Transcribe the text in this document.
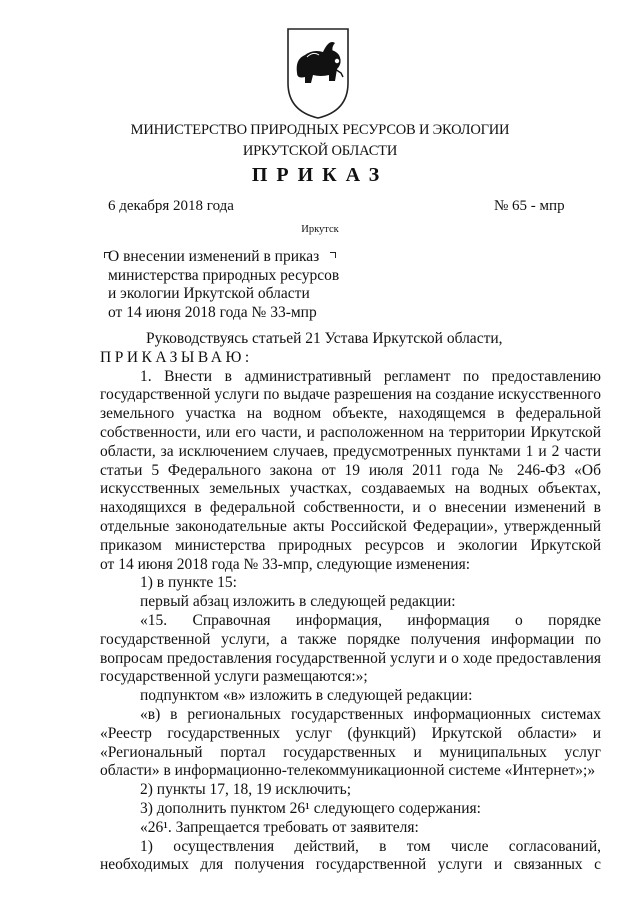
МИНИСТЕРСТВО ПРИРОДНЫХ РЕСУРСОВ И ЭКОЛОГИИ
ИРКУТСКОЙ ОБЛАСТИ
ПРИКАЗ
6 декабря 2018 года	№ 65 - мпр
Иркутск
О внесении изменений в приказ
министерства природных ресурсов
и экологии Иркутской области
от 14 июня 2018 года № 33-мпр
Руководствуясь статьей 21 Устава Иркутской области,
ПРИКАЗЫВАЮ:
1. Внести в административный регламент по предоставлению
государственной услуги по выдаче разрешения на создание искусственного
земельного участка на водном объекте, находящемся в федеральной
собственности, или его части, и расположенном на территории Иркутской
области, за исключением случаев, предусмотренных пунктами 1 и 2 части
статьи 5 Федерального закона от 19 июля 2011 года № 246-ФЗ «Об
искусственных земельных участках, создаваемых на водных объектах,
находящихся в федеральной собственности, и о внесении изменений в
отдельные законодательные акты Российской Федерации», утвержденный
приказом министерства природных ресурсов и экологии Иркутской
от 14 июня 2018 года № 33-мпр, следующие изменения:
1) в пункте 15:
первый абзац изложить в следующей редакции:
«15. Справочная информация, информация о порядке
государственной услуги, а также порядке получения информации по
вопросам предоставления государственной услуги и о ходе предоставления
государственной услуги размещаются:»;
подпунктом «в» изложить в следующей редакции:
«в) в региональных государственных информационных системах
«Реестр государственных услуг (функций) Иркутской области» и
«Региональный портал государственных и муниципальных услуг
области» в информационно-телекоммуникационной системе «Интернет»;»
2) пункты 17, 18, 19 исключить;
3) дополнить пунктом 26¹ следующего содержания:
«26¹. Запрещается требовать от заявителя:
1) осуществления действий, в том числе согласований,
необходимых для получения государственной услуги и связанных с
